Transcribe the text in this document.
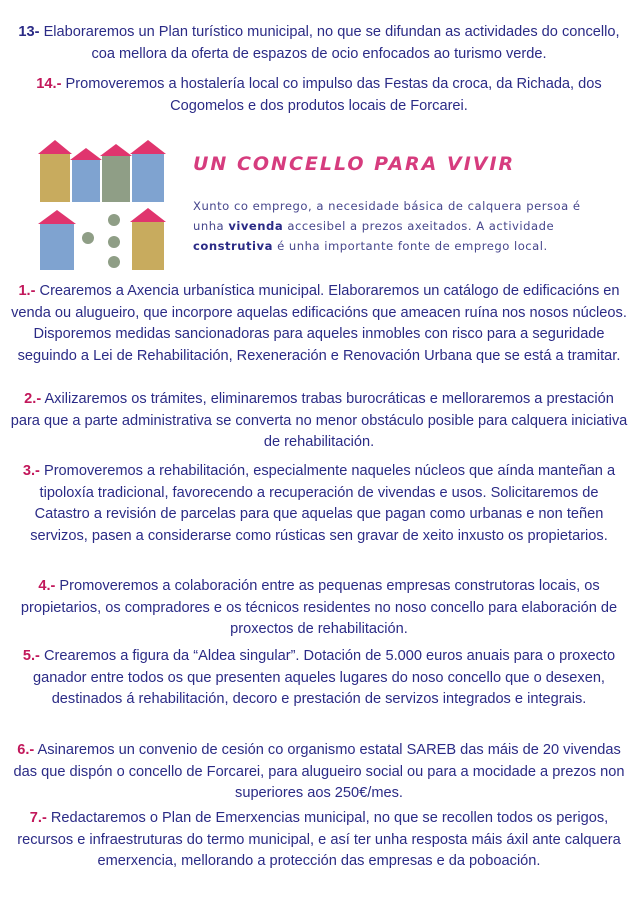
13- Elaboraremos un Plan turístico municipal, no que se difundan as actividades do concello, coa mellora da oferta de espazos de ocio enfocados ao turismo verde.
14.- Promoveremos a hostalería local co impulso das Festas da croca, da Richada, dos Cogomelos e dos produtos locais de Forcarei.
UN CONCELLO PARA VIVIR
Xunto co emprego, a necesidade básica de calquera persoa é unha vivenda accesibel a prezos axeitados. A actividade construtiva é unha importante fonte de emprego local.
1.- Crearemos a Axencia urbanística municipal. Elaboraremos un catálogo de edificacións en venda ou alugueiro, que incorpore aquelas edificacións que ameacen ruína nos nosos núcleos. Disporemos medidas sancionadoras para aqueles inmobles con risco para a seguridade seguindo a Lei de Rehabilitación, Rexeneración e Renovación Urbana que se está a tramitar.
2.- Axilizaremos os trámites, eliminaremos trabas burocráticas e melloraremos a prestación para que a parte administrativa se converta no menor obstáculo posible para calquera iniciativa de rehabilitación.
3.- Promoveremos a rehabilitación, especialmente naqueles núcleos que aínda manteñan a tipoloxía tradicional, favorecendo a recuperación de vivendas e usos. Solicitaremos de Catastro a revisión de parcelas para que aquelas que pagan como urbanas e non teñen servizos, pasen a considerarse como rústicas sen gravar de xeito inxusto os propietarios.
4.- Promoveremos a colaboración entre as pequenas empresas construtoras locais, os propietarios, os compradores e os técnicos residentes no noso concello para elaboración de proxectos de rehabilitación.
5.- Crearemos a figura da “Aldea singular”. Dotación de 5.000 euros anuais para o proxecto ganador entre todos os que presenten aqueles lugares do noso concello que o desexen, destinados á rehabilitación, decoro e prestación de servizos integrados e integrais.
6.- Asinaremos un convenio de cesión co organismo estatal SAREB das máis de 20 vivendas das que dispón o concello de Forcarei, para alugueiro social ou para a mocidade a prezos non superiores aos 250€/mes.
7.- Redactaremos o Plan de Emerxencias municipal, no que se recollen todos os perigos, recursos e infraestruturas do termo municipal, e así ter unha resposta máis áxil ante calquera emerxencia, mellorando a protección das empresas e da poboación.
